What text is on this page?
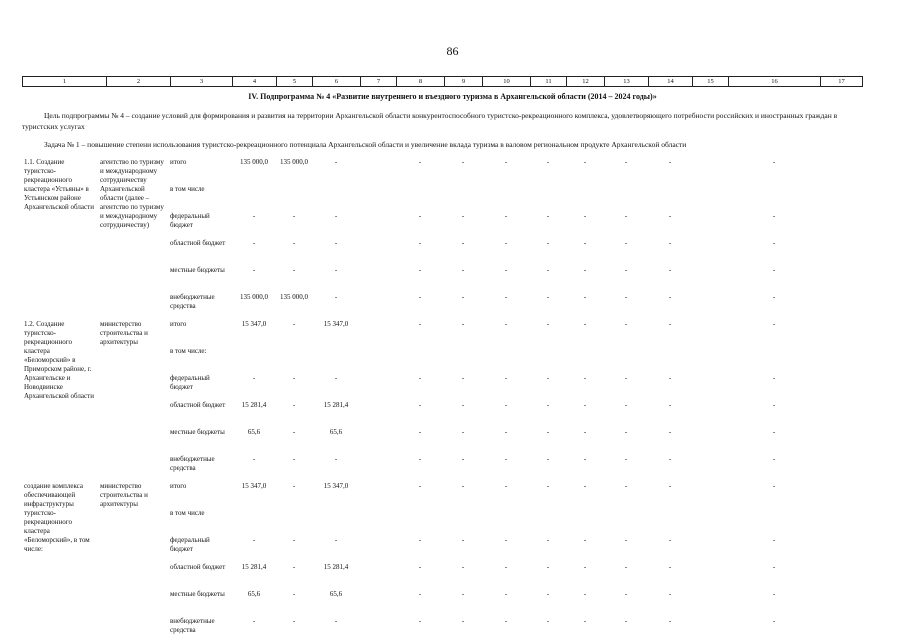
86
1	2	3	4	5	6	7	8	9	10	11	12	13	14	15	16	17
IV. Подпрограмма № 4 «Развитие внутреннего и въездного туризма в Архангельской области (2014 – 2024 годы)»
Цель подпрограммы № 4 – создание условий для формирования и развития на территории Архангельской области конкурентоспособного туристско-рекреационного комплекса, удовлетворяющего потребности российских и иностранных граждан в туристских услугах
Задача № 1 – повышение степени использования туристско-рекреационного потенциала Архангельской области и увеличение вклада туризма в валовом региональном продукте Архангельской области
1.1. Создание туристско-рекреационного кластера «Устьяны» в Устьянском районе Архангельской области	агентство по туризму и международному сотрудничеству Архангельской области (далее – агентство по туризму и международному сотрудничеству)	итого	135 000,0	135 000,0	-		-	-	-	-	-	-	-		-	
		в том числе														
		федеральный бюджет	-	-	-		-	-	-	-	-	-	-		-	
		областной бюджет	-	-	-		-	-	-	-	-	-	-		-	
		местные бюджеты	-	-	-		-	-	-	-	-	-	-		-	
		внебюджетные средства	135 000,0	135 000,0	-		-	-	-	-	-	-	-		-	
1.2. Создание туристско-рекреационного кластера «Беломорский» в Приморском районе, г. Архангельске и Новодвинске Архангельской области	министерство строительства и архитектуры	итого	15 347,0	-	15 347,0		-	-	-	-	-	-	-		-	
		в том числе:														
		федеральный бюджет	-	-	-		-	-	-	-	-	-	-		-	
		областной бюджет	15 281,4	-	15 281,4		-	-	-	-	-	-	-		-	
		местные бюджеты	65,6	-	65,6		-	-	-	-	-	-	-		-	
		внебюджетные средства	-	-	-		-	-	-	-	-	-	-		-	
создание комплекса обеспечивающей инфраструктуры туристско-рекреационного кластера «Беломорский», в том числе:	министерство строительства и архитектуры	итого	15 347,0	-	15 347,0		-	-	-	-	-	-	-		-	
		в том числе														
		федеральный бюджет	-	-	-		-	-	-	-	-	-	-		-	
		областной бюджет	15 281,4	-	15 281,4		-	-	-	-	-	-	-		-	
		местные бюджеты	65,6	-	65,6		-	-	-	-	-	-	-		-	
		внебюджетные средства	-	-	-		-	-	-	-	-	-	-		-	
